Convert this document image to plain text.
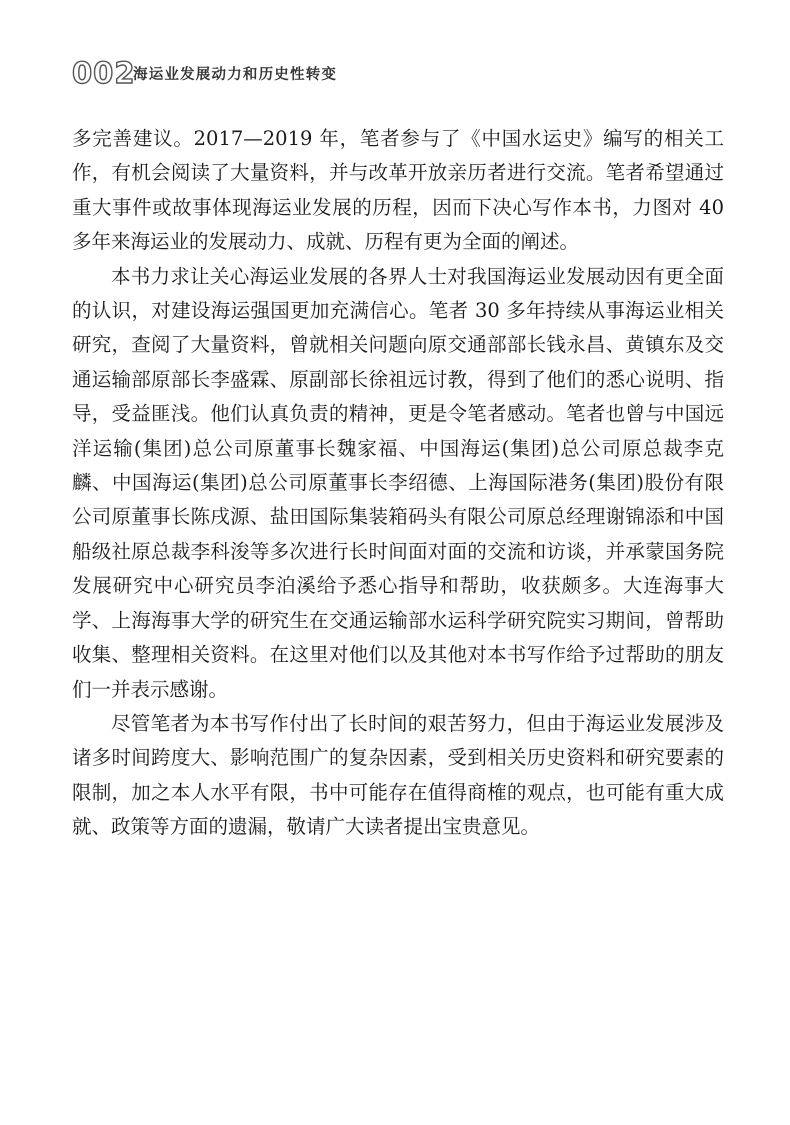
002
海运业发展动力和历史性转变

多完善建议。2017—2019 年，笔者参与了《中国水运史》编写的相关工作，有机会阅读了大量资料，并与改革开放亲历者进行交流。笔者希望通过重大事件或故事体现海运业发展的历程，因而下决心写作本书，力图对 40 多年来海运业的发展动力、成就、历程有更为全面的阐述。

本书力求让关心海运业发展的各界人士对我国海运业发展动因有更全面的认识，对建设海运强国更加充满信心。笔者 30 多年持续从事海运业相关研究，查阅了大量资料，曾就相关问题向原交通部部长钱永昌、黄镇东及交通运输部原部长李盛霖、原副部长徐祖远讨教，得到了他们的悉心说明、指导，受益匪浅。他们认真负责的精神，更是令笔者感动。笔者也曾与中国远洋运输(集团)总公司原董事长魏家福、中国海运(集团)总公司原总裁李克麟、中国海运(集团)总公司原董事长李绍德、上海国际港务(集团)股份有限公司原董事长陈戌源、盐田国际集装箱码头有限公司原总经理谢锦添和中国船级社原总裁李科浚等多次进行长时间面对面的交流和访谈，并承蒙国务院发展研究中心研究员李泊溪给予悉心指导和帮助，收获颇多。大连海事大学、上海海事大学的研究生在交通运输部水运科学研究院实习期间，曾帮助收集、整理相关资料。在这里对他们以及其他对本书写作给予过帮助的朋友们一并表示感谢。

尽管笔者为本书写作付出了长时间的艰苦努力，但由于海运业发展涉及诸多时间跨度大、影响范围广的复杂因素，受到相关历史资料和研究要素的限制，加之本人水平有限，书中可能存在值得商榷的观点，也可能有重大成就、政策等方面的遗漏，敬请广大读者提出宝贵意见。
